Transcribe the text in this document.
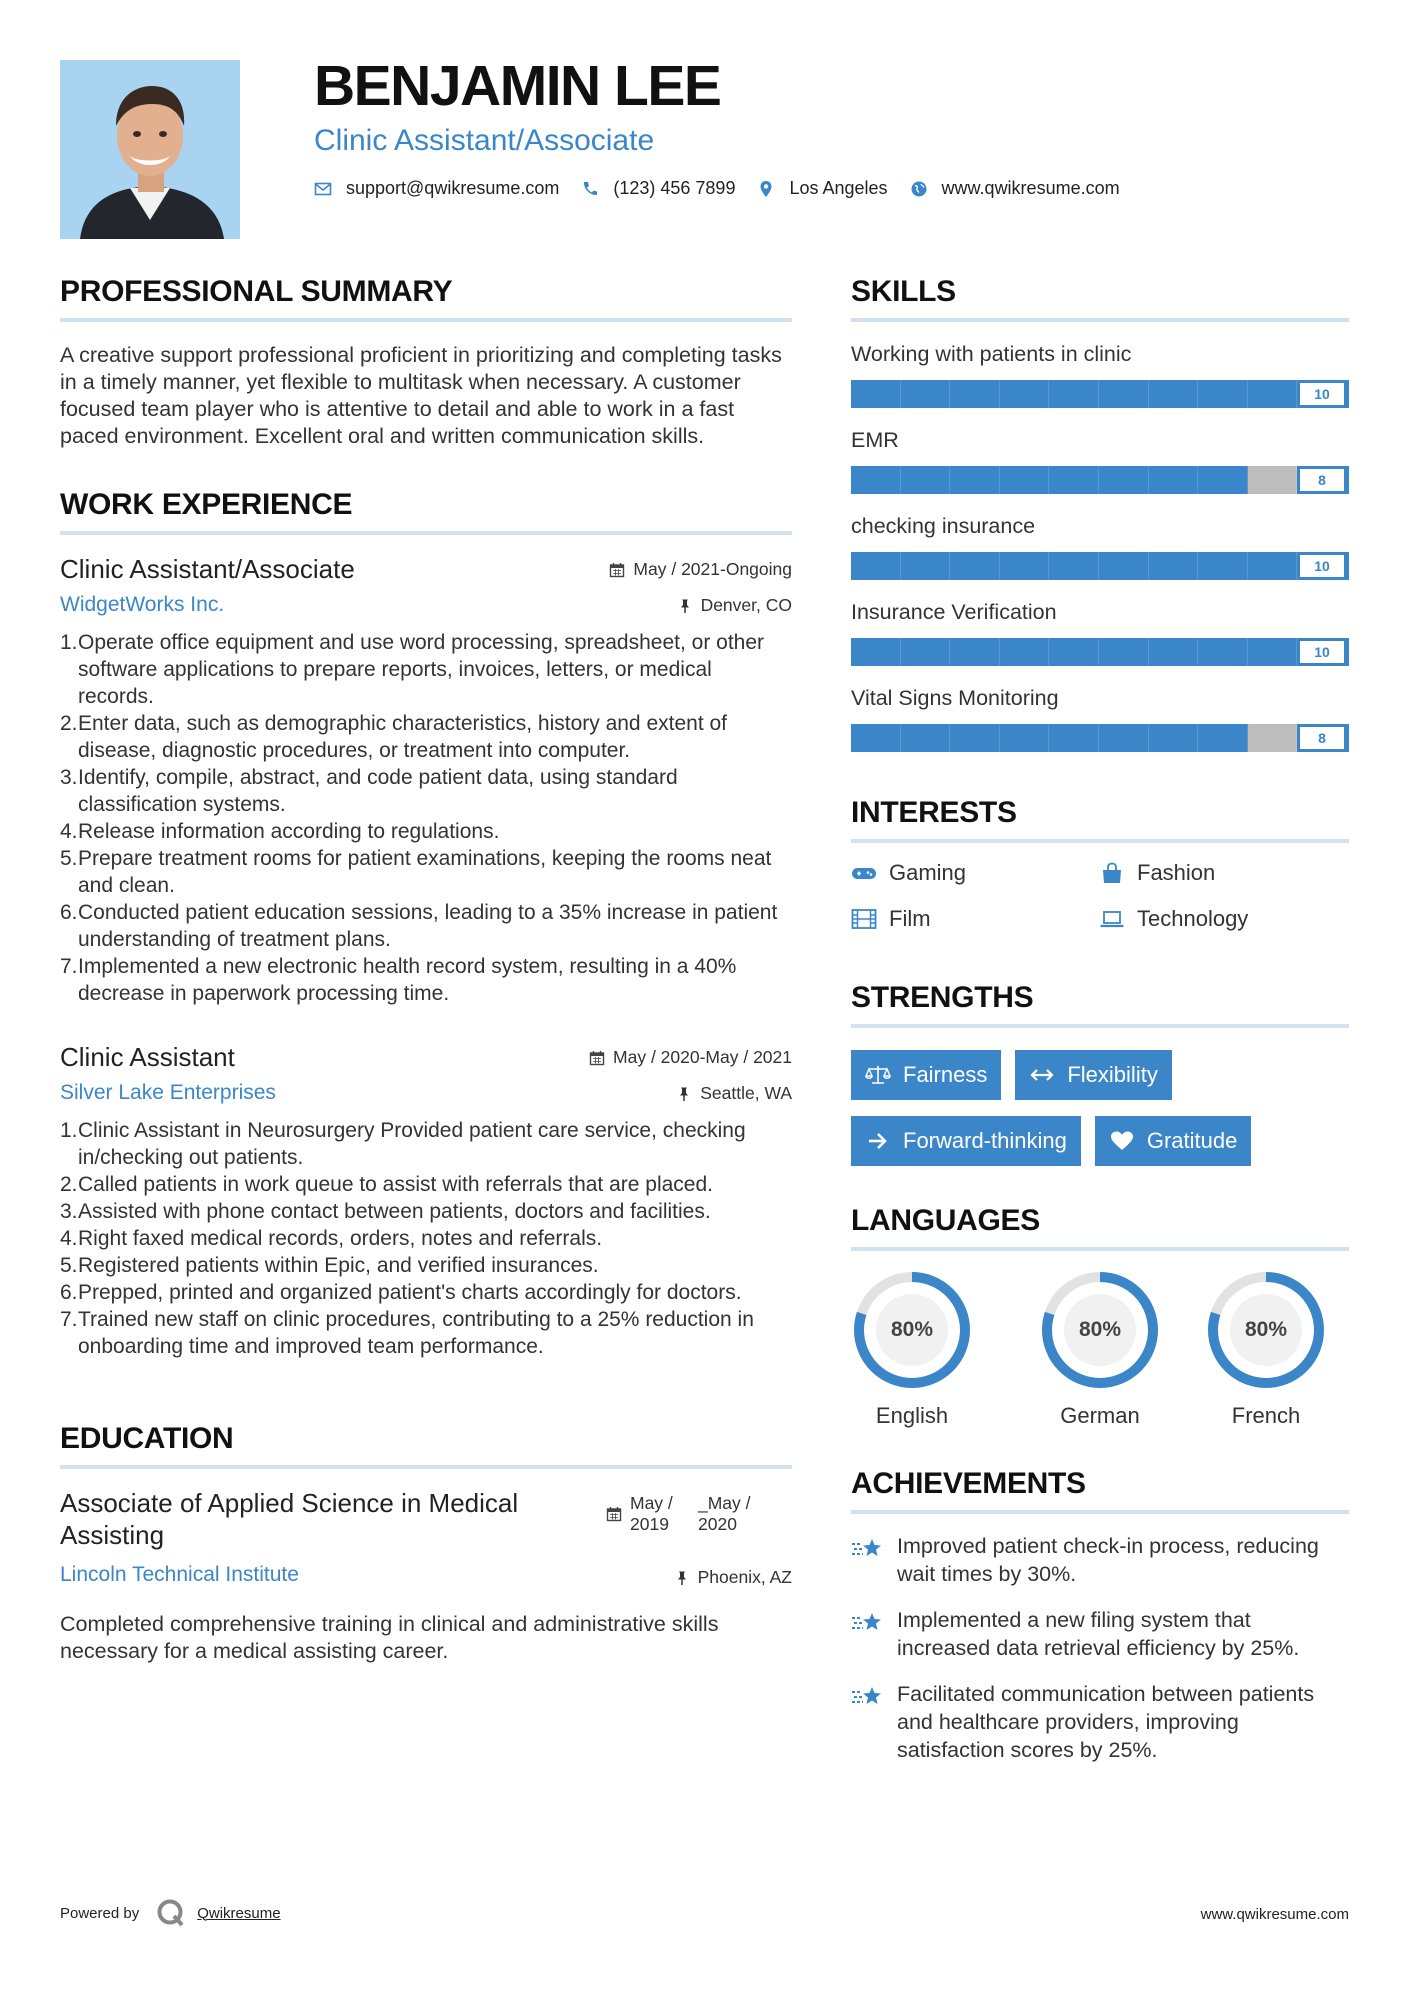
BENJAMIN LEE
Clinic Assistant/Associate
support@qwikresume.com	(123) 456 7899	Los Angeles	www.qwikresume.com
PROFESSIONAL SUMMARY

A creative support professional proficient in prioritizing and completing tasks in a timely manner, yet flexible to multitask when necessary. A customer focused team player who is attentive to detail and able to work in a fast paced environment. Excellent oral and written communication skills.

WORK EXPERIENCE
Clinic Assistant/Associate
WidgetWorks Inc.
May / 2021-Ongoing
Denver, CO
1. Operate office equipment and use word processing, spreadsheet, or other software applications to prepare reports, invoices, letters, or medical records.
2. Enter data, such as demographic characteristics, history and extent of disease, diagnostic procedures, or treatment into computer.
3. Identify, compile, abstract, and code patient data, using standard classification systems.
4. Release information according to regulations.
5. Prepare treatment rooms for patient examinations, keeping the rooms neat and clean.
6. Conducted patient education sessions, leading to a 35% increase in patient understanding of treatment plans.
7. Implemented a new electronic health record system, resulting in a 40% decrease in paperwork processing time.
Clinic Assistant
Silver Lake Enterprises
May / 2020-May / 2021
Seattle, WA
1. Clinic Assistant in Neurosurgery Provided patient care service, checking in/checking out patients.
2. Called patients in work queue to assist with referrals that are placed.
3. Assisted with phone contact between patients, doctors and facilities.
4. Right faxed medical records, orders, notes and referrals.
5. Registered patients within Epic, and verified insurances.
6. Prepped, printed and organized patient's charts accordingly for doctors.
7. Trained new staff on clinic procedures, contributing to a 25% reduction in onboarding time and improved team performance.
EDUCATION
Associate of Applied Science in Medical Assisting
Lincoln Technical Institute
May /
2019
_May /
2020
Phoenix, AZ

Completed comprehensive training in clinical and administrative skills necessary for a medical assisting career.

SKILLS
Working with patients in clinic
10
EMR
8
checking insurance
10
Insurance Verification
10
Vital Signs Monitoring
8
INTERESTS
Gaming	Fashion
Film	Technology
STRENGTHS
Fairness	Flexibility
Forward-thinking	Gratitude
LANGUAGES
80%
English
80%
German
80%
French
ACHIEVEMENTS
Improved patient check-in process, reducing wait times by 30%.
Implemented a new filing system that increased data retrieval efficiency by 25%.
Facilitated communication between patients and healthcare providers, improving satisfaction scores by 25%.
Powered by	Qwikresume	www.qwikresume.com
